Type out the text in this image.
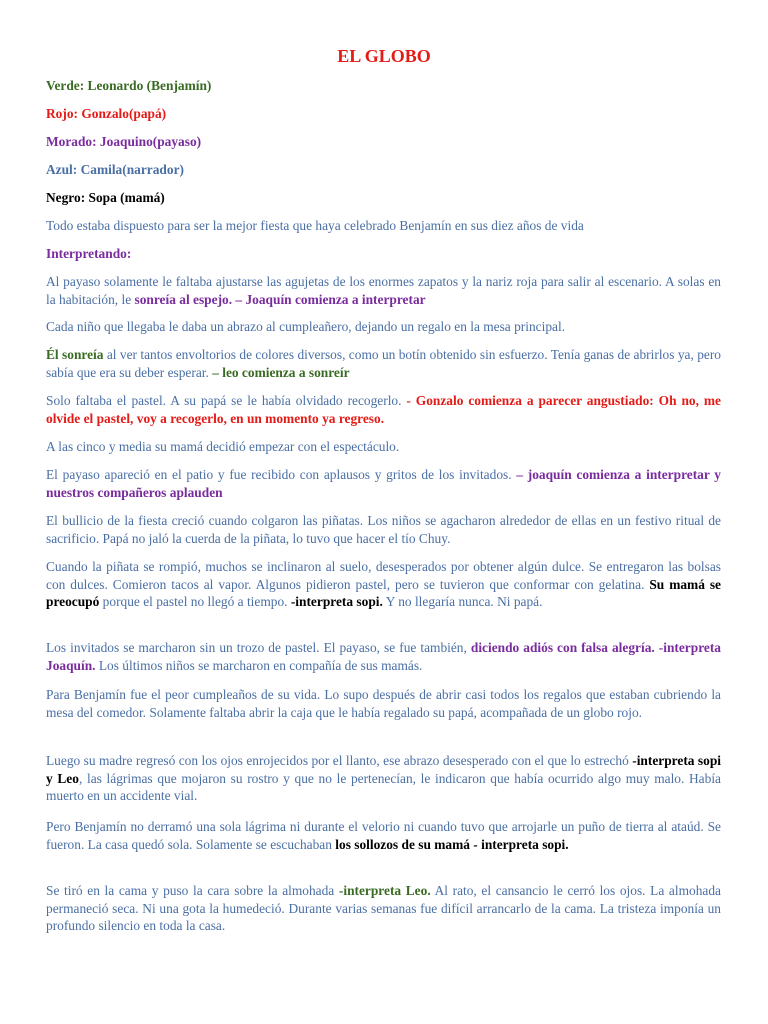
EL GLOBO

Verde: Leonardo (Benjamín)

Rojo: Gonzalo(papá)

Morado: Joaquino(payaso)

Azul: Camila(narrador)

Negro: Sopa (mamá)

Todo estaba dispuesto para ser la mejor fiesta que haya celebrado Benjamín en sus diez años de vida

Interpretando:

Al payaso solamente le faltaba ajustarse las agujetas de los enormes zapatos y la nariz roja para salir al escenario. A solas en la habitación, le sonreía al espejo. – Joaquín comienza a interpretar

Cada niño que llegaba le daba un abrazo al cumpleañero, dejando un regalo en la mesa principal.

Él sonreía al ver tantos envoltorios de colores diversos, como un botín obtenido sin esfuerzo. Tenía ganas de abrirlos ya, pero sabía que era su deber esperar. – leo comienza a sonreír

Solo faltaba el pastel. A su papá se le había olvidado recogerlo. - Gonzalo comienza a parecer angustiado: Oh no, me olvide el pastel, voy a recogerlo, en un momento ya regreso.

A las cinco y media su mamá decidió empezar con el espectáculo.

El payaso apareció en el patio y fue recibido con aplausos y gritos de los invitados. – joaquín comienza a interpretar y nuestros compañeros aplauden

El bullicio de la fiesta creció cuando colgaron las piñatas. Los niños se agacharon alrededor de ellas en un festivo ritual de sacrificio. Papá no jaló la cuerda de la piñata, lo tuvo que hacer el tío Chuy.

Cuando la piñata se rompió, muchos se inclinaron al suelo, desesperados por obtener algún dulce. Se entregaron las bolsas con dulces. Comieron tacos al vapor. Algunos pidieron pastel, pero se tuvieron que conformar con gelatina. Su mamá se preocupó porque el pastel no llegó a tiempo. -interpreta sopi. Y no llegaría nunca. Ni papá.

Los invitados se marcharon sin un trozo de pastel. El payaso, se fue también, diciendo adiós con falsa alegría. -interpreta Joaquín. Los últimos niños se marcharon en compañía de sus mamás.

Para Benjamín fue el peor cumpleaños de su vida. Lo supo después de abrir casi todos los regalos que estaban cubriendo la mesa del comedor. Solamente faltaba abrir la caja que le había regalado su papá, acompañada de un globo rojo.

Luego su madre regresó con los ojos enrojecidos por el llanto, ese abrazo desesperado con el que lo estrechó -interpreta sopi y Leo, las lágrimas que mojaron su rostro y que no le pertenecían, le indicaron que había ocurrido algo muy malo. Había muerto en un accidente vial.

Pero Benjamín no derramó una sola lágrima ni durante el velorio ni cuando tuvo que arrojarle un puño de tierra al ataúd. Se fueron. La casa quedó sola. Solamente se escuchaban los sollozos de su mamá - interpreta sopi.

Se tiró en la cama y puso la cara sobre la almohada -interpreta Leo. Al rato, el cansancio le cerró los ojos. La almohada permaneció seca. Ni una gota la humedeció. Durante varias semanas fue difícil arrancarlo de la cama. La tristeza imponía un profundo silencio en toda la casa.
